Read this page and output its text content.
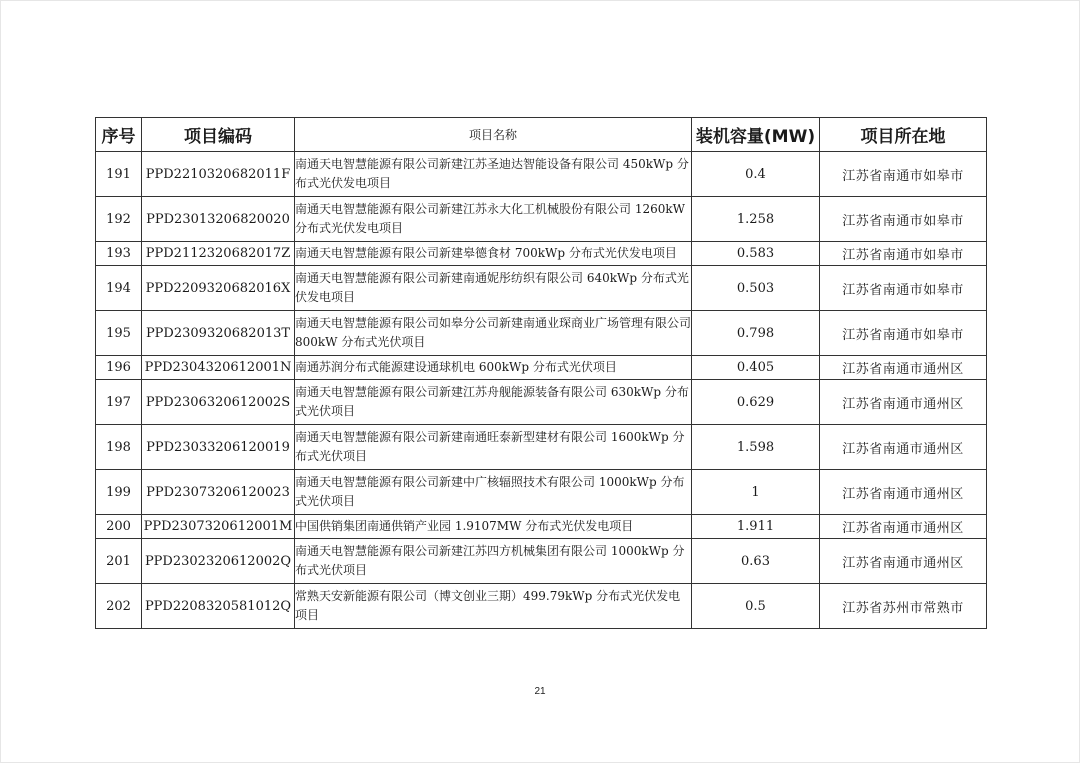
序号	项目编码	项目名称	装机容量(MW)	项目所在地
191	PPD2210320682011F	南通天电智慧能源有限公司新建江苏圣迪达智能设备有限公司 450kWp 分布式光伏发电项目	0.4	江苏省南通市如皋市
192	PPD23013206820020	南通天电智慧能源有限公司新建江苏永大化工机械股份有限公司 1260kW 分布式光伏发电项目	1.258	江苏省南通市如皋市
193	PPD2112320682017Z	南通天电智慧能源有限公司新建皋德食材 700kWp 分布式光伏发电项目	0.583	江苏省南通市如皋市
194	PPD2209320682016X	南通天电智慧能源有限公司新建南通妮彤纺织有限公司 640kWp 分布式光伏发电项目	0.503	江苏省南通市如皋市
195	PPD2309320682013T	南通天电智慧能源有限公司如皋分公司新建南通业琛商业广场管理有限公司 800kW 分布式光伏项目	0.798	江苏省南通市如皋市
196	PPD2304320612001N	南通苏润分布式能源建设通球机电 600kWp 分布式光伏项目	0.405	江苏省南通市通州区
197	PPD2306320612002S	南通天电智慧能源有限公司新建江苏舟舰能源装备有限公司 630kWp 分布式光伏项目	0.629	江苏省南通市通州区
198	PPD23033206120019	南通天电智慧能源有限公司新建南通旺泰新型建材有限公司 1600kWp 分布式光伏项目	1.598	江苏省南通市通州区
199	PPD23073206120023	南通天电智慧能源有限公司新建中广核辐照技术有限公司 1000kWp 分布式光伏项目	1	江苏省南通市通州区
200	PPD2307320612001M	中国供销集团南通供销产业园 1.9107MW 分布式光伏发电项目	1.911	江苏省南通市通州区
201	PPD2302320612002Q	南通天电智慧能源有限公司新建江苏四方机械集团有限公司 1000kWp 分布式光伏项目	0.63	江苏省南通市通州区
202	PPD2208320581012Q	常熟天安新能源有限公司（博文创业三期）499.79kWp 分布式光伏发电项目	0.5	江苏省苏州市常熟市
21
